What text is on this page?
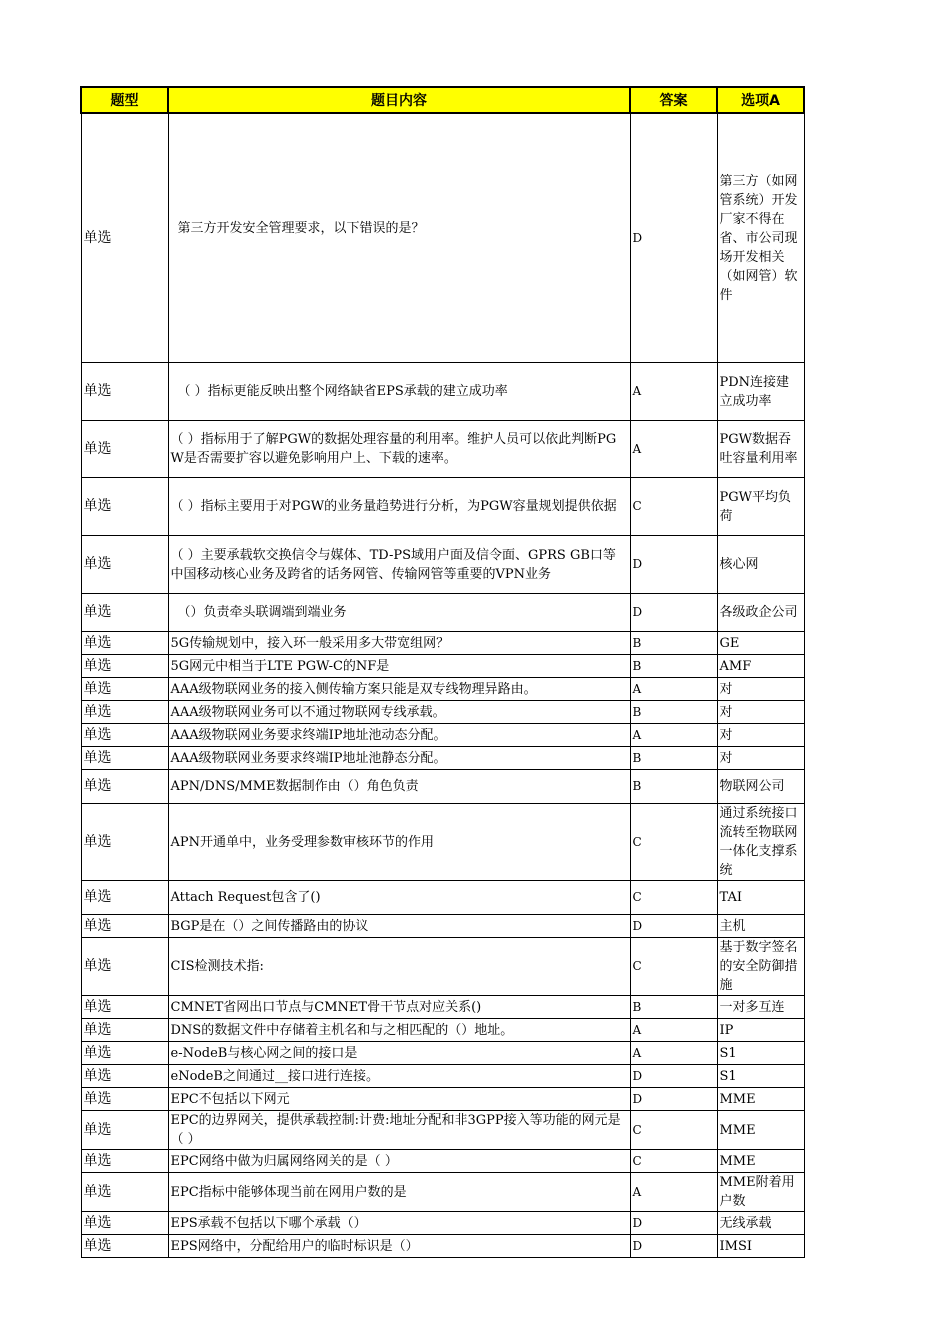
题型	题目内容	答案	选项A
单选	第三方开发安全管理要求，以下错误的是？	D	第三方（如网管系统）开发厂家不得在省、市公司现场开发相关（如网管）软件
单选	（ ）指标更能反映出整个网络缺省EPS承载的建立成功率	A	PDN连接建立成功率
单选	（ ）指标用于了解PGW的数据处理容量的利用率。维护人员可以依此判断PGW是否需要扩容以避免影响用户上、下载的速率。	A	PGW数据吞吐容量利用率
单选	（ ）指标主要用于对PGW的业务量趋势进行分析，为PGW容量规划提供依据	C	PGW平均负荷
单选	（ ）主要承载软交换信令与媒体、TD-PS域用户面及信令面、GPRS GB口等中国移动核心业务及跨省的话务网管、传输网管等重要的VPN业务	D	核心网
单选	（）负责牵头联调端到端业务	D	各级政企公司
单选	5G传输规划中，接入环一般采用多大带宽组网？	B	GE
单选	5G网元中相当于LTE PGW-C的NF是	B	AMF
单选	AAA级物联网业务的接入侧传输方案只能是双专线物理异路由。	A	对
单选	AAA级物联网业务可以不通过物联网专线承载。	B	对
单选	AAA级物联网业务要求终端IP地址池动态分配。	A	对
单选	AAA级物联网业务要求终端IP地址池静态分配。	B	对
单选	APN/DNS/MME数据制作由（）角色负责	B	物联网公司
单选	APN开通单中，业务受理参数审核环节的作用	C	通过系统接口流转至物联网一体化支撑系统
单选	Attach Request包含了()	C	TAI
单选	BGP是在（）之间传播路由的协议	D	主机
单选	CIS检测技术指:	C	基于数字签名的安全防御措施
单选	CMNET省网出口节点与CMNET骨干节点对应关系()	B	一对多互连
单选	DNS的数据文件中存储着主机名和与之相匹配的（）地址。	A	IP
单选	e-NodeB与核心网之间的接口是	A	S1
单选	eNodeB之间通过__接口进行连接。	D	S1
单选	EPC不包括以下网元	D	MME
单选	EPC的边界网关，提供承载控制:计费:地址分配和非3GPP接入等功能的网元是（ ）	C	MME
单选	EPC网络中做为归属网络网关的是（ ）	C	MME
单选	EPC指标中能够体现当前在网用户数的是	A	MME附着用户数
单选	EPS承载不包括以下哪个承载（）	D	无线承载
单选	EPS网络中，分配给用户的临时标识是（）	D	IMSI
